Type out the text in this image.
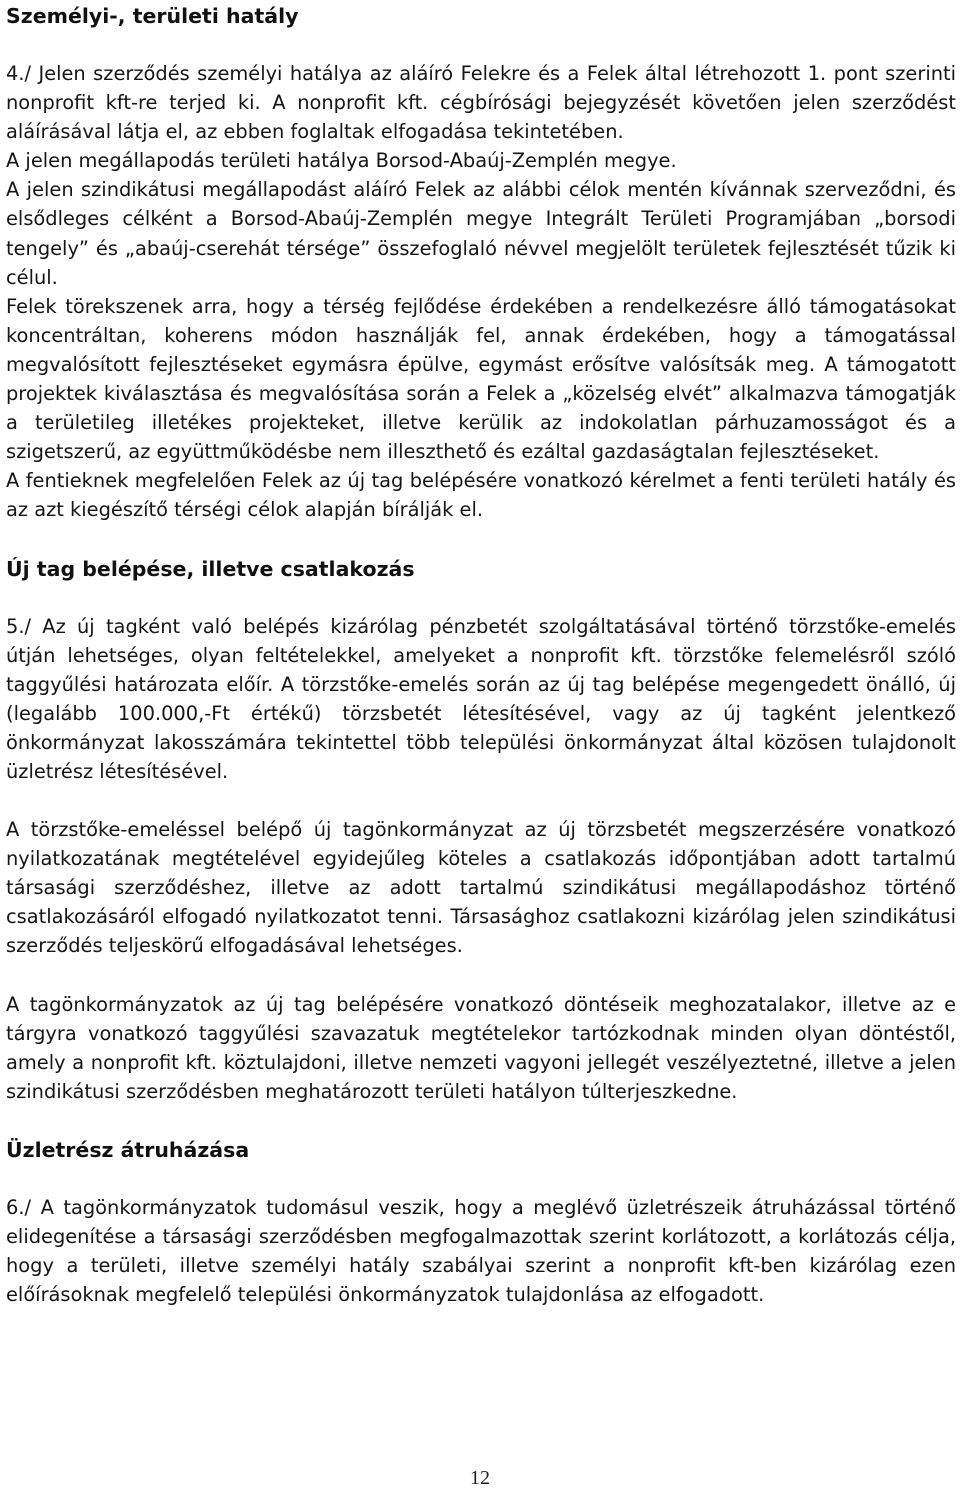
Személyi-, területi hatály

4./ Jelen szerződés személyi hatálya az aláíró Felekre és a Felek által létrehozott 1. pont szerinti nonprofit kft-re terjed ki. A nonprofit kft. cégbírósági bejegyzését követően jelen szerződést aláírásával látja el, az ebben foglaltak elfogadása tekintetében.

A jelen megállapodás területi hatálya Borsod-Abaúj-Zemplén megye.

A jelen szindikátusi megállapodást aláíró Felek az alábbi célok mentén kívánnak szerveződni, és elsődleges célként a Borsod-Abaúj-Zemplén megye Integrált Területi Programjában „borsodi tengely” és „abaúj-cserehát térsége” összefoglaló névvel megjelölt területek fejlesztését tűzik ki célul.

Felek törekszenek arra, hogy a térség fejlődése érdekében a rendelkezésre álló támogatásokat koncentráltan, koherens módon használják fel, annak érdekében, hogy a támogatással megvalósított fejlesztéseket egymásra épülve, egymást erősítve valósítsák meg. A támogatott projektek kiválasztása és megvalósítása során a Felek a „közelség elvét” alkalmazva támogatják a területileg illetékes projekteket, illetve kerülik az indokolatlan párhuzamosságot és a szigetszerű, az együttműködésbe nem illeszthető és ezáltal gazdaságtalan fejlesztéseket.

A fentieknek megfelelően Felek az új tag belépésére vonatkozó kérelmet a fenti területi hatály és az azt kiegészítő térségi célok alapján bírálják el.

Új tag belépése, illetve csatlakozás

5./ Az új tagként való belépés kizárólag pénzbetét szolgáltatásával történő törzstőke-emelés útján lehetséges, olyan feltételekkel, amelyeket a nonprofit kft. törzstőke felemelésről szóló taggyűlési határozata előír. A törzstőke-emelés során az új tag belépése megengedett önálló, új (legalább 100.000,-Ft értékű) törzsbetét létesítésével, vagy az új tagként jelentkező önkormányzat lakosszámára tekintettel több települési önkormányzat által közösen tulajdonolt üzletrész létesítésével.

A törzstőke-emeléssel belépő új tagönkormányzat az új törzsbetét megszerzésére vonatkozó nyilatkozatának megtételével egyidejűleg köteles a csatlakozás időpontjában adott tartalmú társasági szerződéshez, illetve az adott tartalmú szindikátusi megállapodáshoz történő csatlakozásáról elfogadó nyilatkozatot tenni. Társasághoz csatlakozni kizárólag jelen szindikátusi szerződés teljeskörű elfogadásával lehetséges.

A tagönkormányzatok az új tag belépésére vonatkozó döntéseik meghozatalakor, illetve az e tárgyra vonatkozó taggyűlési szavazatuk megtételekor tartózkodnak minden olyan döntéstől, amely a nonprofit kft. köztulajdoni, illetve nemzeti vagyoni jellegét veszélyeztetné, illetve a jelen szindikátusi szerződésben meghatározott területi hatályon túlterjeszkedne.

Üzletrész átruházása

6./ A tagönkormányzatok tudomásul veszik, hogy a meglévő üzletrészeik átruházással történő elidegenítése a társasági szerződésben megfogalmazottak szerint korlátozott, a korlátozás célja, hogy a területi, illetve személyi hatály szabályai szerint a nonprofit kft-ben kizárólag ezen előírásoknak megfelelő települési önkormányzatok tulajdonlása az elfogadott.

12
